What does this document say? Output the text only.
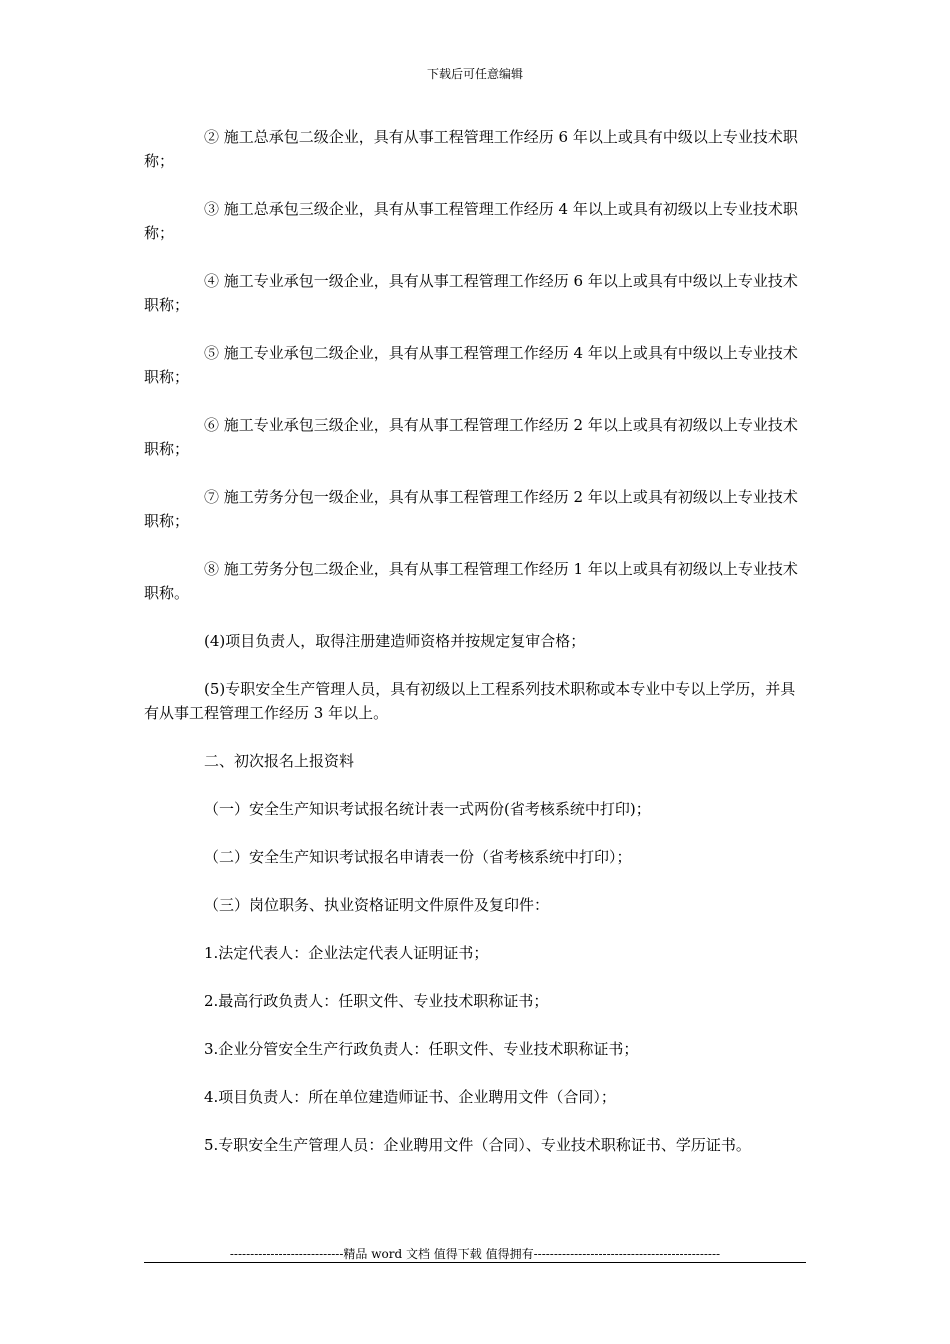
下载后可任意编辑

② 施工总承包二级企业，具有从事工程管理工作经历 6 年以上或具有中级以上专业技术职称；

③ 施工总承包三级企业，具有从事工程管理工作经历 4 年以上或具有初级以上专业技术职称；

④ 施工专业承包一级企业，具有从事工程管理工作经历 6 年以上或具有中级以上专业技术职称；

⑤ 施工专业承包二级企业，具有从事工程管理工作经历 4 年以上或具有中级以上专业技术职称；

⑥ 施工专业承包三级企业，具有从事工程管理工作经历 2 年以上或具有初级以上专业技术职称；

⑦ 施工劳务分包一级企业，具有从事工程管理工作经历 2 年以上或具有初级以上专业技术职称；

⑧ 施工劳务分包二级企业，具有从事工程管理工作经历 1 年以上或具有初级以上专业技术职称。

(4)项目负责人，取得注册建造师资格并按规定复审合格；

(5)专职安全生产管理人员，具有初级以上工程系列技术职称或本专业中专以上学历，并具有从事工程管理工作经历 3 年以上。

二、初次报名上报资料

（一）安全生产知识考试报名统计表一式两份(省考核系统中打印)；

（二）安全生产知识考试报名申请表一份（省考核系统中打印）；

（三）岗位职务、执业资格证明文件原件及复印件：

1.法定代表人：企业法定代表人证明证书；

2.最高行政负责人：任职文件、专业技术职称证书；

3.企业分管安全生产行政负责人：任职文件、专业技术职称证书；

4.项目负责人：所在单位建造师证书、企业聘用文件（合同）；

5.专职安全生产管理人员：企业聘用文件（合同）、专业技术职称证书、学历证书。

----------------------------精品 word 文档 值得下载 值得拥有----------------------------------------------
